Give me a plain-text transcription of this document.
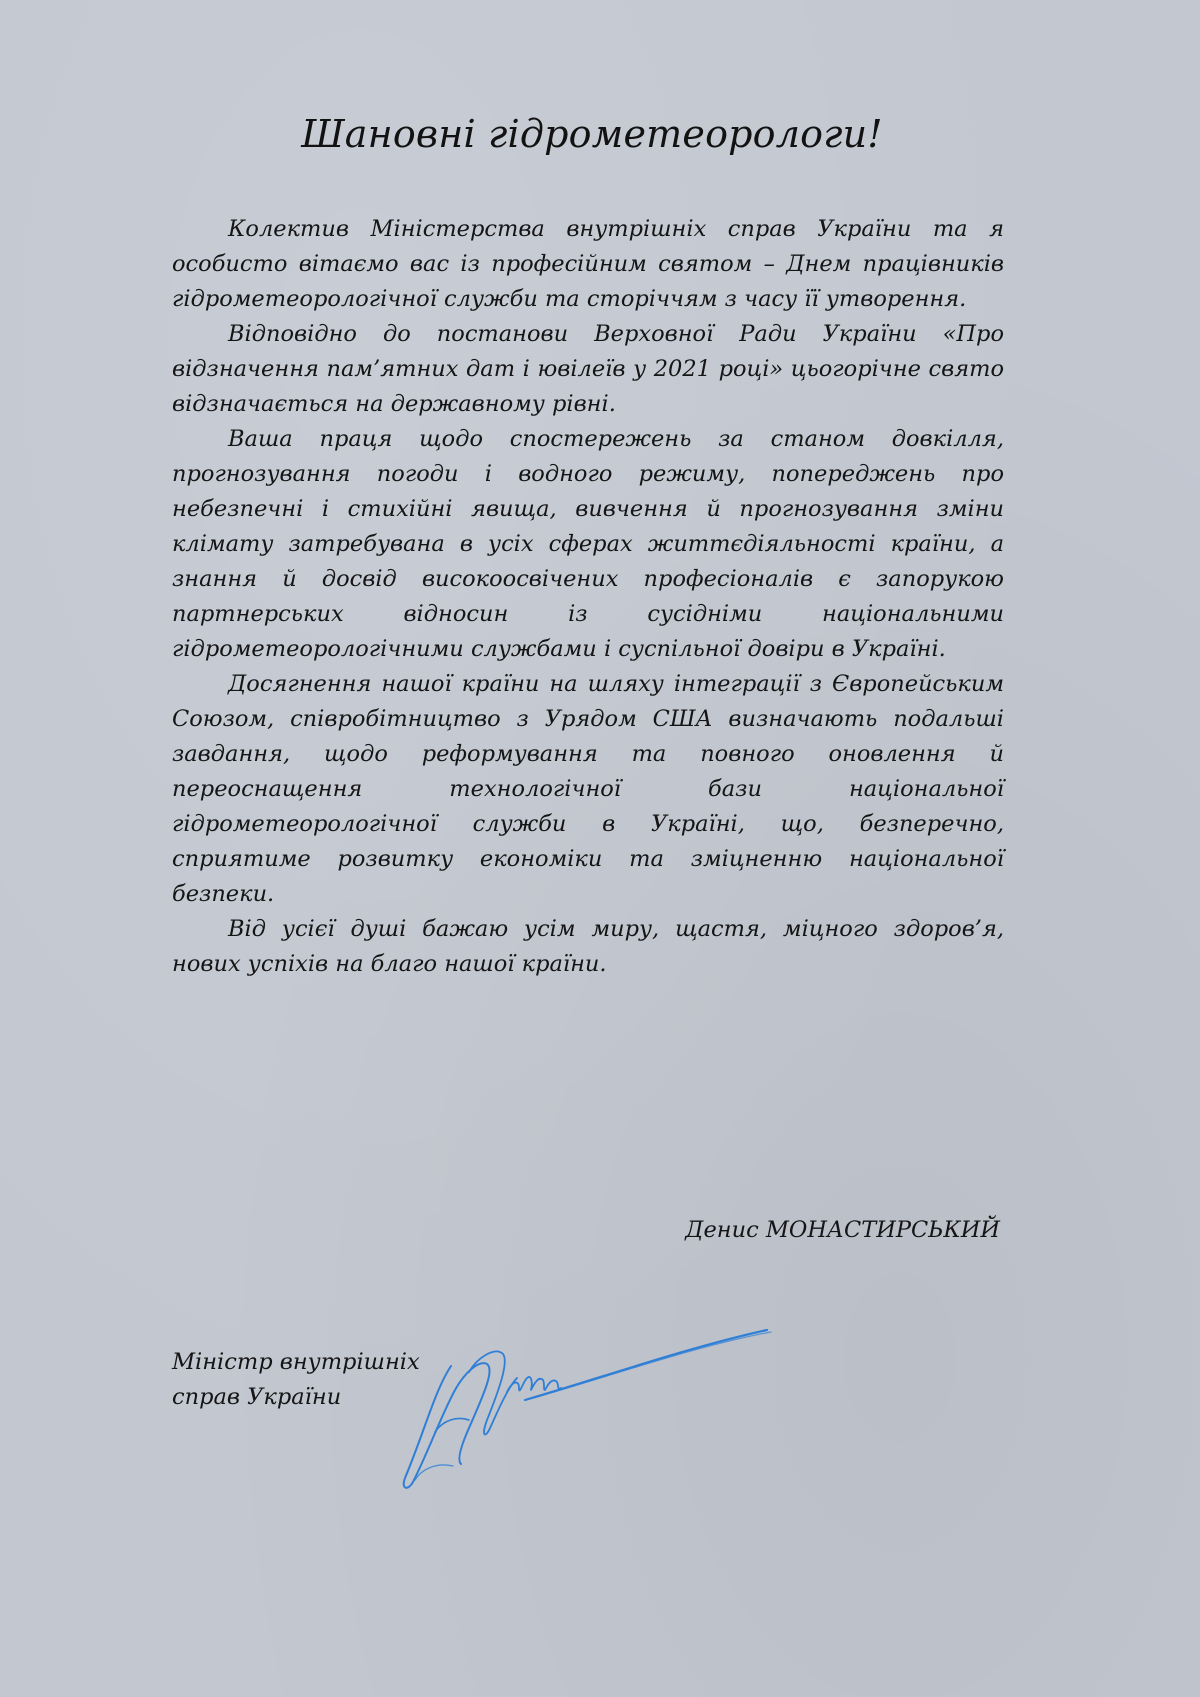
Шановні гідрометеорологи!

Колектив Міністерства внутрішніх справ України та я особисто вітаємо вас із професійним святом – Днем працівників гідрометеорологічної служби та сторіччям з часу її утворення.

Відповідно до постанови Верховної Ради України «Про відзначення пам’ятних дат і ювілеїв у 2021 році» цьогорічне свято відзначається на державному рівні.

Ваша праця щодо спостережень за станом довкілля, прогнозування погоди і водного режиму, попереджень про небезпечні і стихійні явища, вивчення й прогнозування зміни клімату затребувана в усіх сферах життєдіяльності країни, а знання й досвід високоосвічених професіоналів є запорукою партнерських відносин із сусідніми національними гідрометеорологічними службами і суспільної довіри в Україні.

Досягнення нашої країни на шляху інтеграції з Європейським Союзом, співробітництво з Урядом США визначають подальші завдання, щодо реформування та повного оновлення й переоснащення технологічної бази національної гідрометеорологічної служби в Україні, що, безперечно, сприятиме розвитку економіки та зміцненню національної безпеки.

Від усієї душі бажаю усім миру, щастя, міцного здоров’я, нових успіхів на благо нашої країни.

Міністр внутрішніх
справ України
Денис МОНАСТИРСЬКИЙ
